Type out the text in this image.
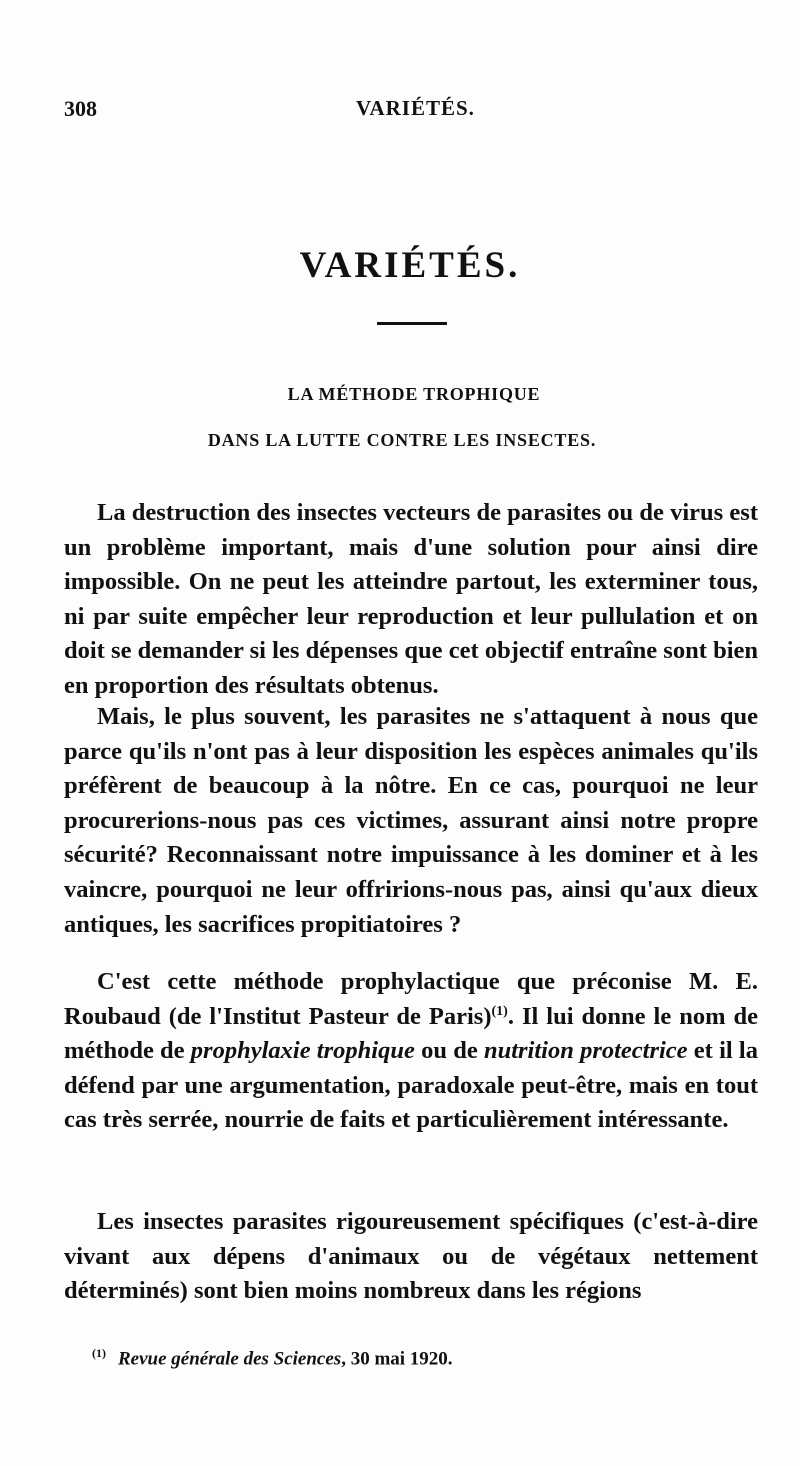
308	VARIÉTÉS.
VARIÉTÉS.
LA MÉTHODE TROPHIQUE
DANS LA LUTTE CONTRE LES INSECTES.

La destruction des insectes vecteurs de parasites ou de virus est un problème important, mais d'une solution pour ainsi dire impossible. On ne peut les atteindre partout, les exterminer tous, ni par suite empêcher leur reproduction et leur pullulation et on doit se demander si les dépenses que cet objectif entraîne sont bien en proportion des résultats obtenus.

Mais, le plus souvent, les parasites ne s'attaquent à nous que parce qu'ils n'ont pas à leur disposition les espèces animales qu'ils préfèrent de beaucoup à la nôtre. En ce cas, pourquoi ne leur procurerions-nous pas ces victimes, assurant ainsi notre propre sécurité? Reconnaissant notre impuissance à les dominer et à les vaincre, pourquoi ne leur offririons-nous pas, ainsi qu'aux dieux antiques, les sacrifices propitiatoires ?

C'est cette méthode prophylactique que préconise M. E. Roubaud (de l'Institut Pasteur de Paris)$^{(1)}$. Il lui donne le nom de méthode de prophylaxie trophique ou de nutrition protectrice et il la défend par une argumentation, paradoxale peut-être, mais en tout cas très serrée, nourrie de faits et particulièrement intéressante.

Les insectes parasites rigoureusement spécifiques (c'est-à-dire vivant aux dépens d'animaux ou de végétaux nettement déterminés) sont bien moins nombreux dans les régions

$^{(1)}$ Revue générale des Sciences, 30 mai 1920.
